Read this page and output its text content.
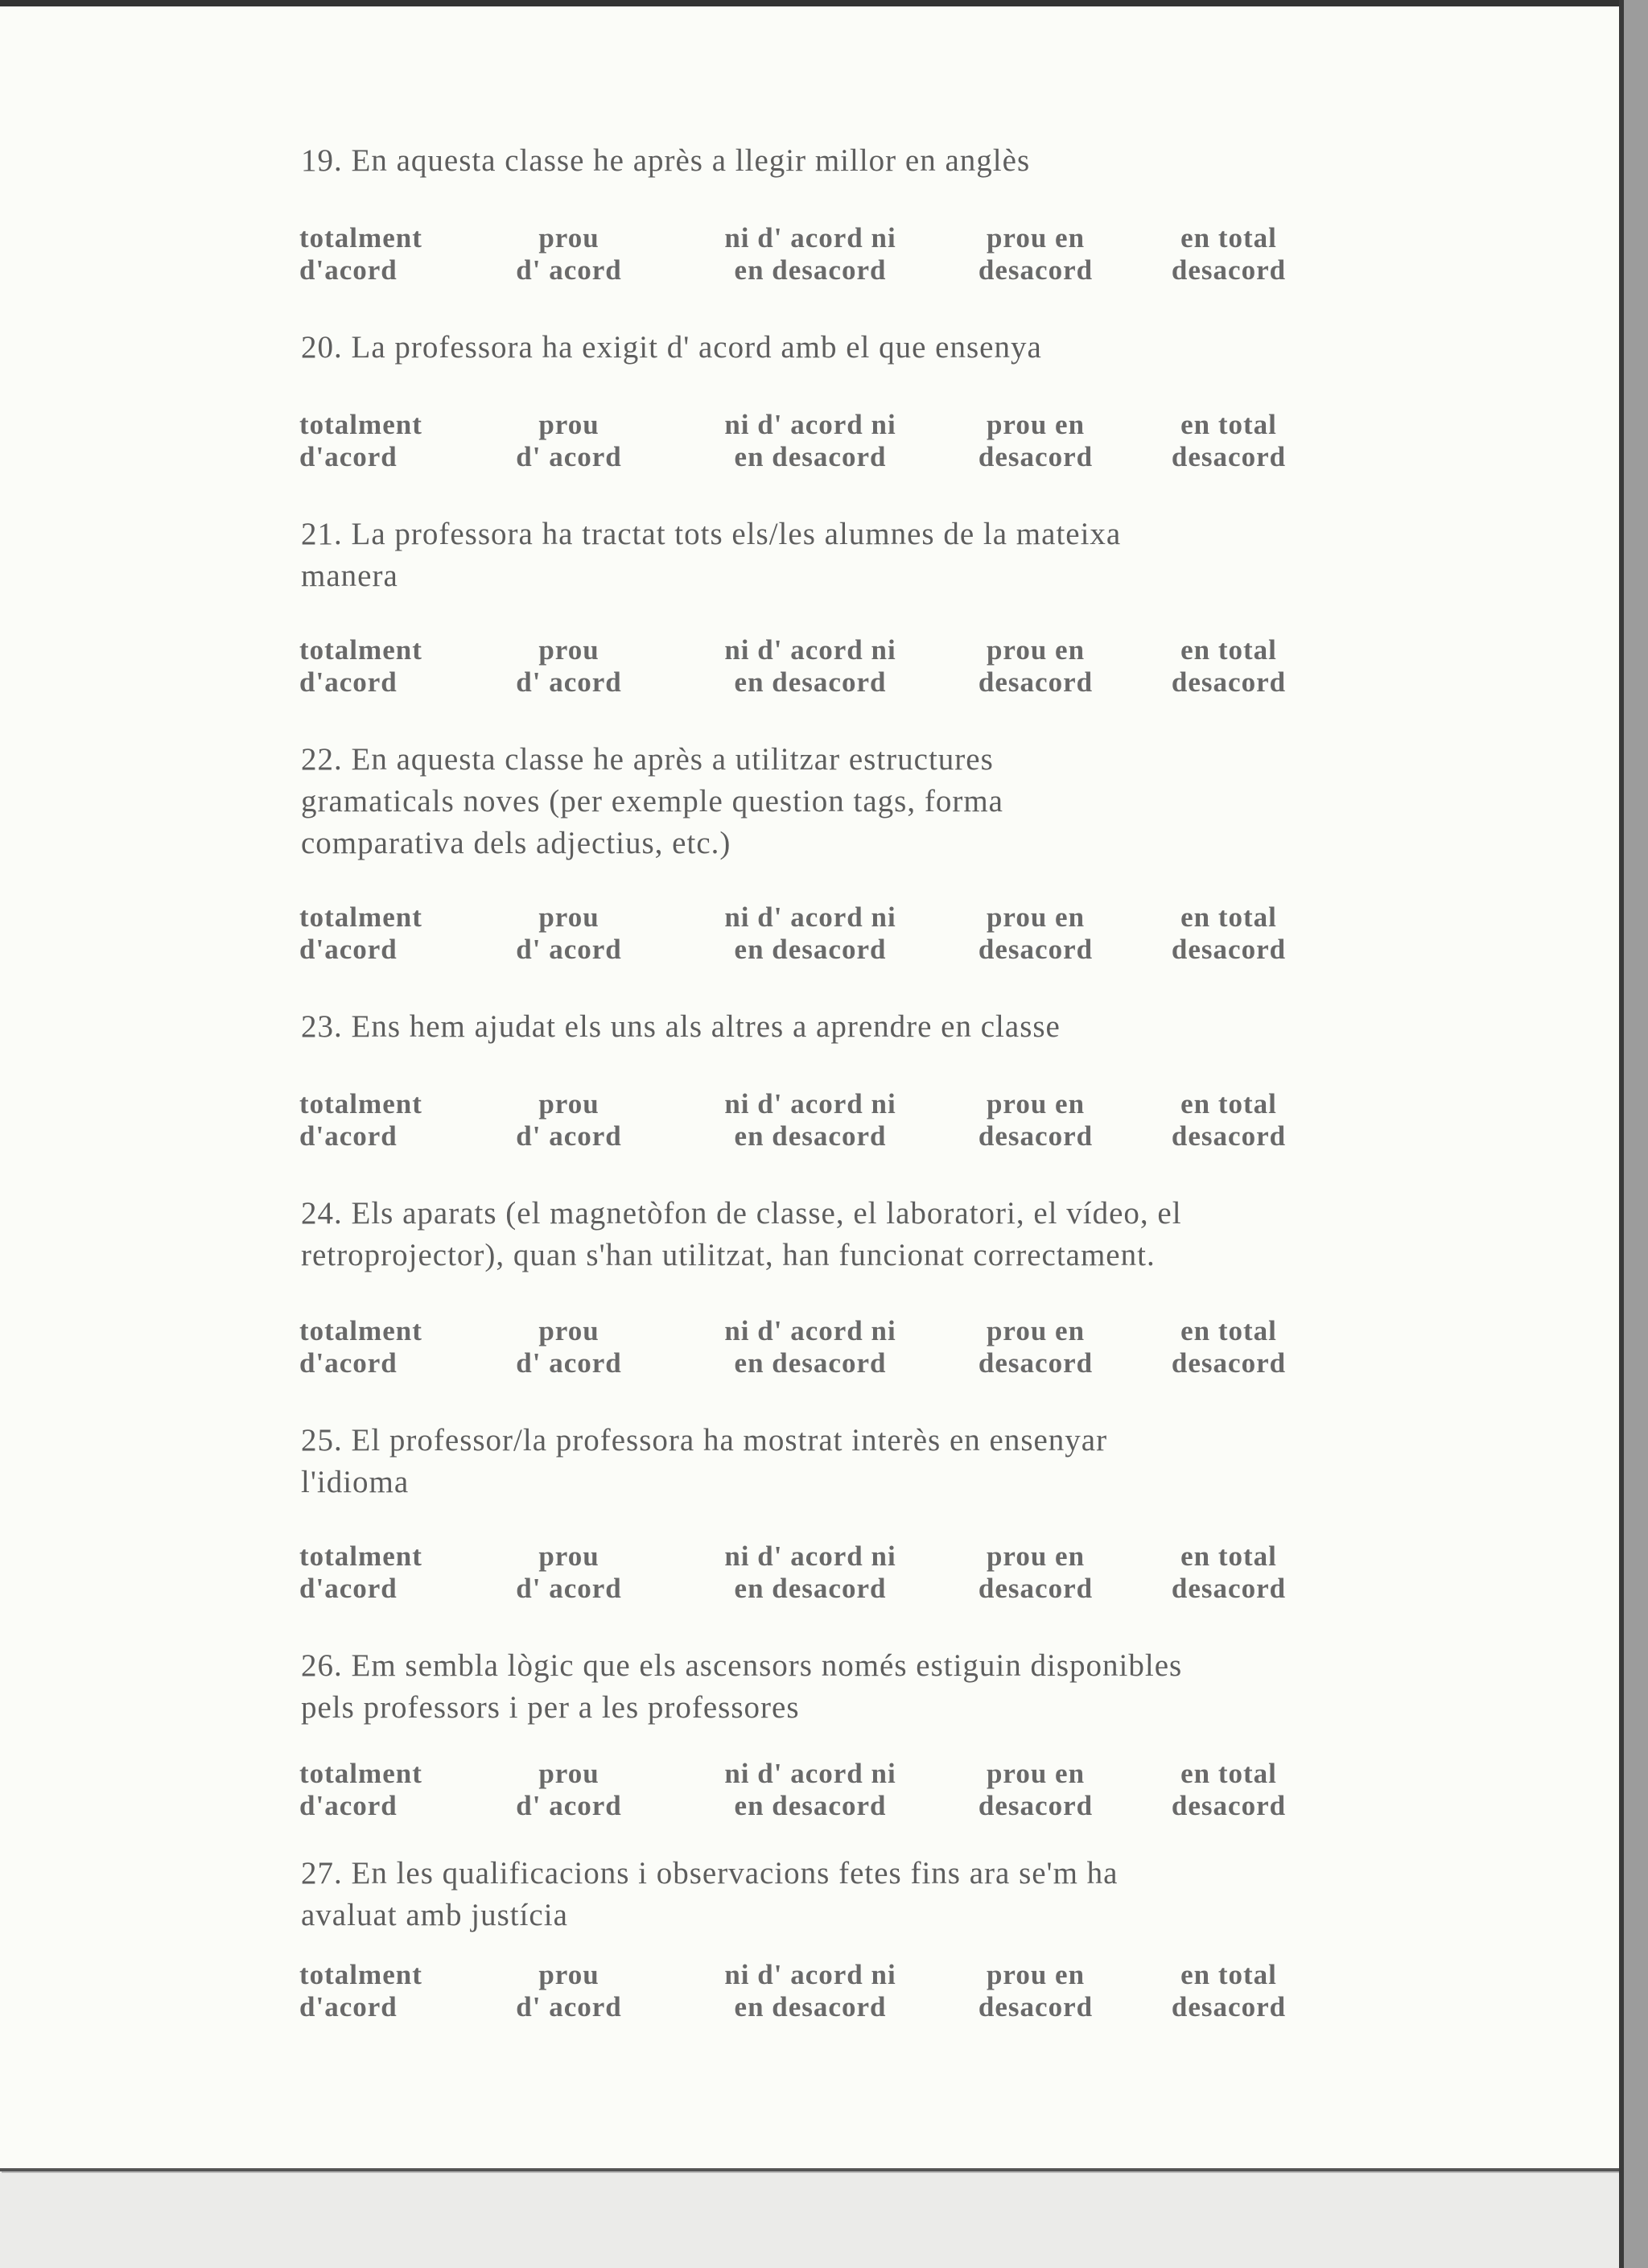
19. En aquesta classe he après a llegir millor en anglès
totalment
d'acord
prou
d' acord
ni d' acord ni
en desacord
prou en
desacord
en total
desacord
20. La professora ha exigit d' acord amb el que ensenya
totalment
d'acord
prou
d' acord
ni d' acord ni
en desacord
prou en
desacord
en total
desacord
21. La professora ha tractat tots els/les alumnes de la mateixa
manera
totalment
d'acord
prou
d' acord
ni d' acord ni
en desacord
prou en
desacord
en total
desacord
22. En aquesta classe he après a utilitzar estructures
gramaticals noves (per exemple question tags, forma
comparativa dels adjectius, etc.)
totalment
d'acord
prou
d' acord
ni d' acord ni
en desacord
prou en
desacord
en total
desacord
23. Ens hem ajudat els uns als altres a aprendre en classe
totalment
d'acord
prou
d' acord
ni d' acord ni
en desacord
prou en
desacord
en total
desacord
24. Els aparats (el magnetòfon de classe, el laboratori, el vídeo, el
retroprojector), quan s'han utilitzat, han funcionat correctament.
totalment
d'acord
prou
d' acord
ni d' acord ni
en desacord
prou en
desacord
en total
desacord
25. El professor/la professora ha mostrat interès en ensenyar
l'idioma
totalment
d'acord
prou
d' acord
ni d' acord ni
en desacord
prou en
desacord
en total
desacord
26. Em sembla lògic que els ascensors només estiguin disponibles
pels professors i per a les professores
totalment
d'acord
prou
d' acord
ni d' acord ni
en desacord
prou en
desacord
en total
desacord
27. En les qualificacions i observacions fetes fins ara se'm ha
avaluat amb justícia
totalment
d'acord
prou
d' acord
ni d' acord ni
en desacord
prou en
desacord
en total
desacord
